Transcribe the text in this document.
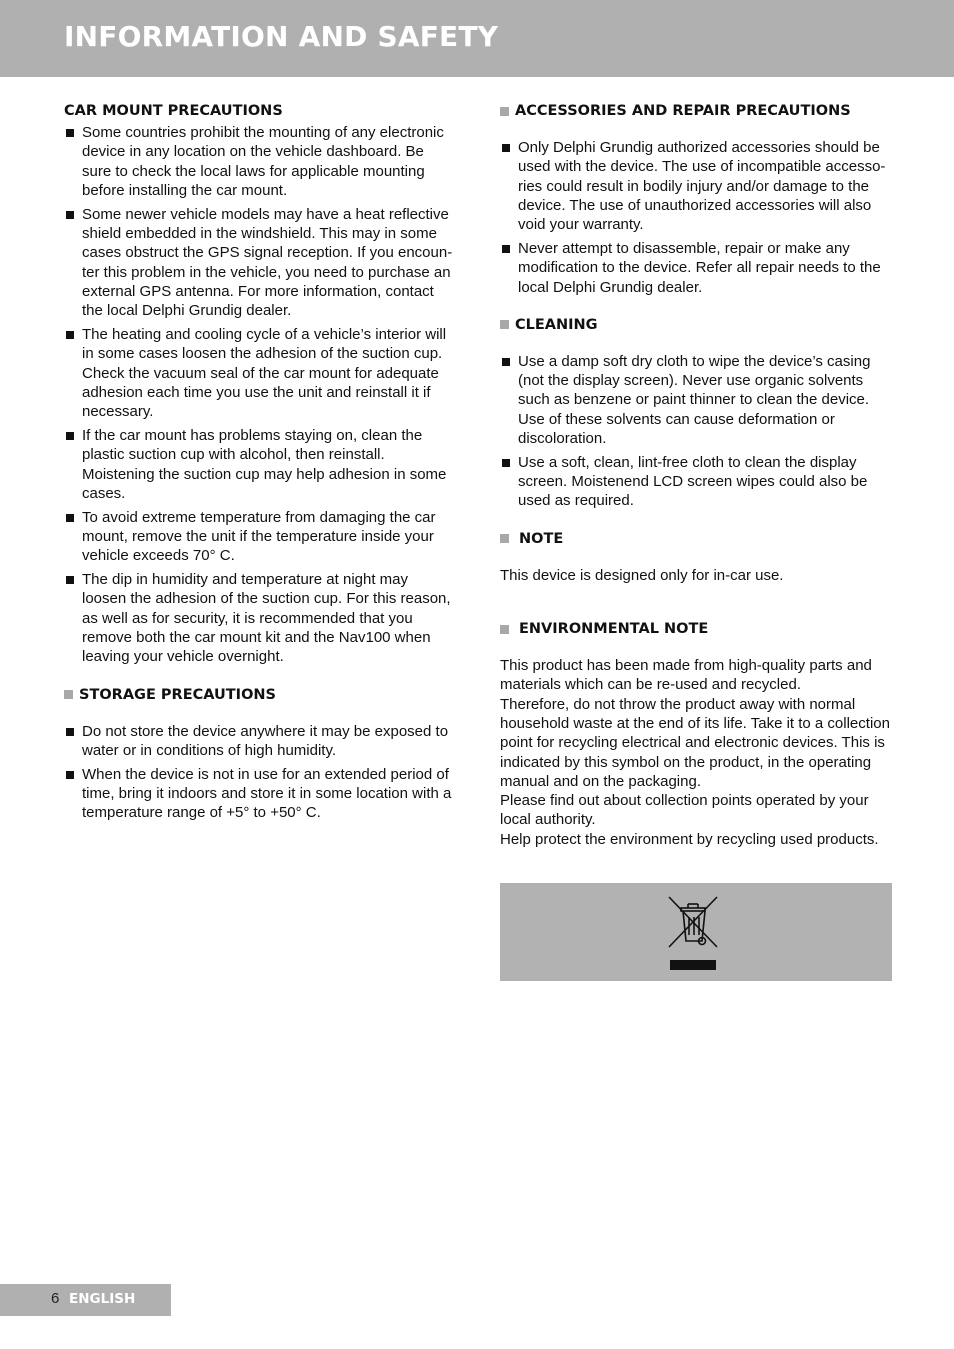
INFORMATION AND SAFETY
CAR MOUNT PRECAUTIONS
Some countries prohibit the mounting of any electronic device in any location on the vehicle dashboard. Be sure to check the local laws for applicable mounting before installing the car mount.
Some newer vehicle models may have a heat reflective shield embedded in the windshield. This may in some cases obstruct the GPS signal reception. If you encoun-ter this problem in the vehicle, you need to purchase an external GPS antenna. For more information, contact the local Delphi Grundig dealer.
The heating and cooling cycle of a vehicle’s interior will in some cases loosen the adhesion of the suction cup. Check the vacuum seal of the car mount for adequate adhesion each time you use the unit and reinstall it if necessary.
If the car mount has problems staying on, clean the plastic suction cup with alcohol, then reinstall. Moistening the suction cup may help adhesion in some cases.
To avoid extreme temperature from damaging the car mount, remove the unit if the temperature inside your vehicle exceeds 70° C.
The dip in humidity and temperature at night may loosen the adhesion of the suction cup. For this reason, as well as for security, it is recommended that you remove both the car mount kit and the Nav100 when leaving your vehicle overnight.
STORAGE PRECAUTIONS
Do not store the device anywhere it may be exposed to water or in conditions of high humidity.
When the device is not in use for an extended period of time, bring it indoors and store it in some location with a temperature range of +5° to +50° C.
ACCESSORIES AND REPAIR PRECAUTIONS
Only Delphi Grundig authorized accessories should be used with the device. The use of incompatible accesso-ries could result in bodily injury and/or damage to the device. The use of unauthorized accessories will also void your warranty.
Never attempt to disassemble, repair or make any modification to the device. Refer all repair needs to the local Delphi Grundig dealer.
CLEANING
Use a damp soft dry cloth to wipe the device’s casing (not the display screen). Never use organic solvents such as benzene or paint thinner to clean the device. Use of these solvents can cause deformation or discoloration.
Use a soft, clean, lint-free cloth to clean the display screen. Moistenend LCD screen wipes could also be used as required.
NOTE

This device is designed only for in-car use.

ENVIRONMENTAL NOTE

This product has been made from high-quality parts and materials which can be re-used and recycled.

Therefore, do not throw the product away with normal household waste at the end of its life. Take it to a collection point for recycling electrical and electronic devices. This is indicated by this symbol on the product, in the operating manual and on the packaging.

Please find out about collection points operated by your local authority.

Help protect the environment by recycling used products.

6 ENGLISH
